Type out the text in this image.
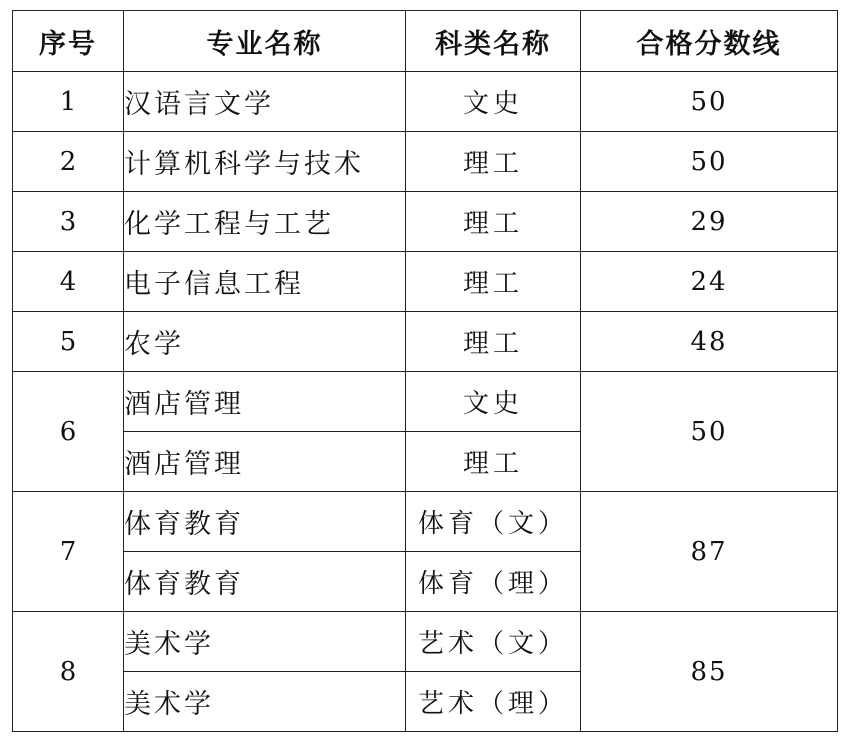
序号	专业名称	科类名称	合格分数线
1	汉语言文学	文史	50
2	计算机科学与技术	理工	50
3	化学工程与工艺	理工	29
4	电子信息工程	理工	24
5	农学	理工	48
6	酒店管理	文史	50
	酒店管理	理工	
7	体育教育	体育（文）	87
	体育教育	体育（理）	
8	美术学	艺术（文）	85
	美术学	艺术（理）	
